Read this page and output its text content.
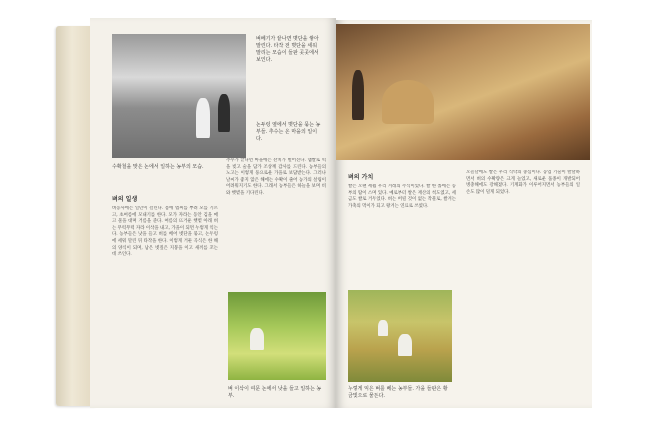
벼베기가 끝나면 볏단을 쌓아 말린다. 타작 전 볏단을 세워 말리는 모습이 들판 곳곳에서 보인다.
논두렁 옆에서 볏단을 묶는 농부들. 추수는 온 마을의 일이다.
수확철을 맞은 논에서 일하는 농부의 모습.
벼의 일생
벼농사에는 일년이 걸린다. 봄에 볍씨를 뿌려 모를 기르고, 초여름에 모내기를 한다. 모가 자라는 동안 김을 매고 물을 대며 거름을 준다. 여름의 뜨거운 햇볕 아래 벼는 무럭무럭 자라 이삭을 내고, 가을이 되면 누렇게 익는다. 농부들은 낫을 들고 벼를 베어 볏단을 묶고, 논두렁에 세워 말린 뒤 타작을 한다. 이렇게 거둔 곡식은 한 해의 양식이 되며, 남은 볏짚은 지붕을 이고 새끼를 꼬는 데 쓰인다.
추수가 끝나면 마을에는 잔치가 벌어진다. 햅쌀로 떡을 빚고 술을 담가 조상께 감사를 드린다. 농부들의 노고는 이렇게 풍요로운 가을로 보답받는다. 그러나 날씨가 좋지 않은 해에는 수확이 줄어 농가의 살림이 어려워지기도 한다. 그래서 농부들은 하늘을 보며 비와 햇볕을 기다린다.
벼 이삭이 여문 논에서 낫을 들고 일하는 농부.
벼의 가치
쌀은 오랜 세월 우리 겨레의 주식이었다. 쌀 한 톨에는 농부의 땀이 스며 있다. 예로부터 쌀은 재산의 척도였고, 세금도 쌀로 거두었다. 벼는 버릴 것이 없는 작물로, 쌀겨는 가축의 먹이가 되고 왕겨는 연료로 쓰였다.
오늘날에도 쌀은 우리 식탁의 중심이다. 농업 기술이 발달하면서 벼의 수확량은 크게 늘었고, 새로운 품종이 개발되어 병충해에도 강해졌다. 기계화가 이루어지면서 농부들의 일손도 많이 덜게 되었다.
누렇게 익은 벼를 베는 농부들. 가을 들판은 황금빛으로 물든다.
